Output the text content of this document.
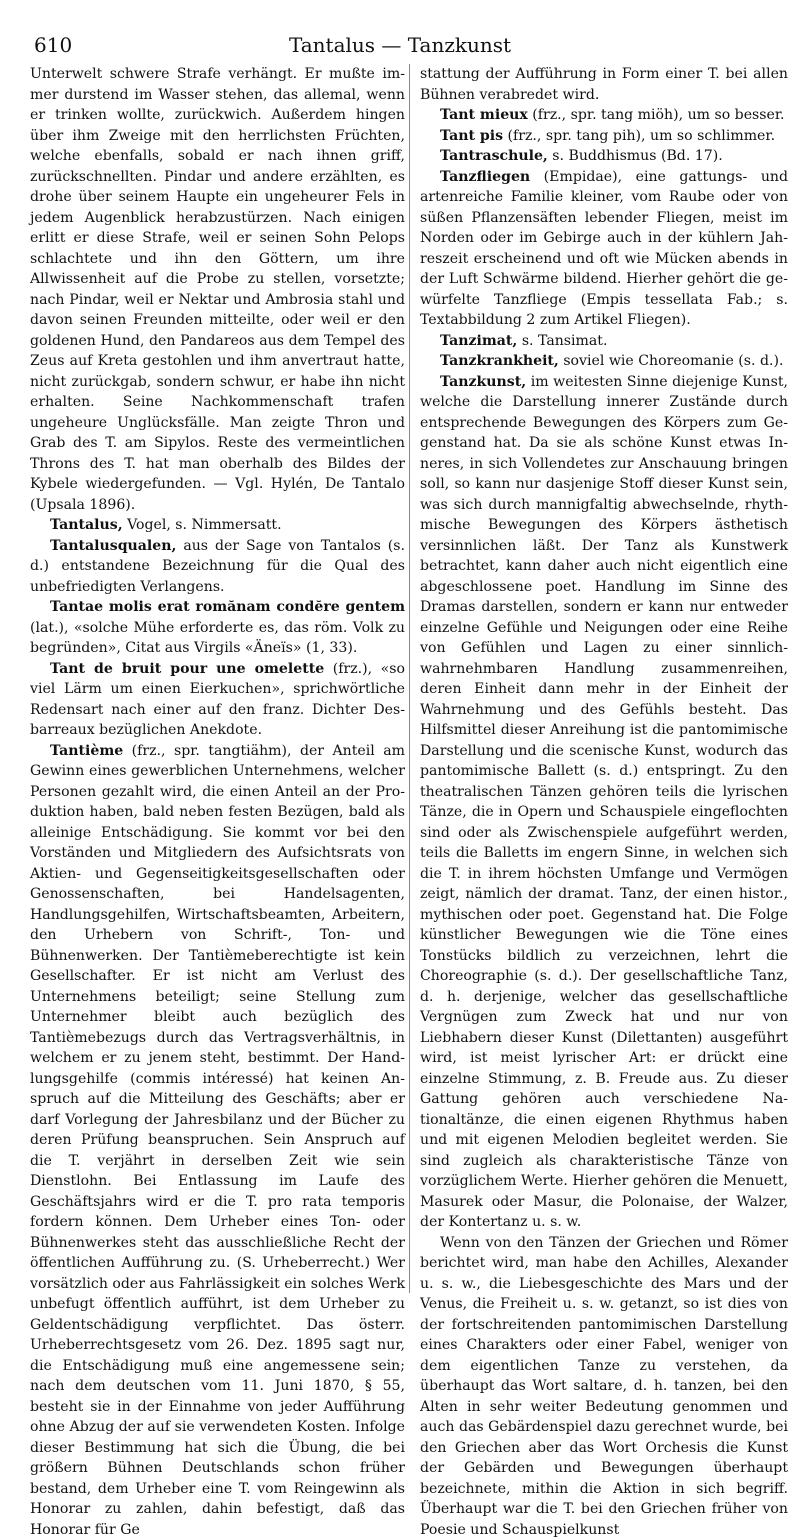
610	Tantalus — Tanzkunst

Unterwelt schwere Strafe verhängt. Er mußte immer durstend im Wasser stehen, das allemal, wenn er trinken wollte, zurückwich. Außerdem hingen über ihm Zweige mit den herrlichsten Früchten, welche ebenfalls, sobald er nach ihnen griff, zurückschnellten. Pindar und andere erzählten, es drohe über seinem Haupte ein ungeheurer Fels in jedem Augenblick herabzustürzen. Nach einigen erlitt er diese Strafe, weil er seinen Sohn Pelops schlachtete und ihn den Göttern, um ihre Allwissenheit auf die Probe zu stellen, vorsetzte; nach Pindar, weil er Nektar und Ambrosia stahl und davon seinen Freunden mitteilte, oder weil er den goldenen Hund, den Pandareos aus dem Tempel des Zeus auf Kreta gestohlen und ihm anvertraut hatte, nicht zurückgab, sondern schwur, er habe ihn nicht erhalten. Seine Nachkommenschaft trafen ungeheure Unglücksfälle. Man zeigte Thron und Grab des T. am Sipylos. Reste des vermeintlichen Throns des T. hat man oberhalb des Bildes der Kybele wiedergefunden. — Vgl. Hylén, De Tantalo (Upsala 1896).

Tantalus, Vogel, s. Nimmersatt.

Tantalusqualen, aus der Sage von Tantalos (s. d.) entstandene Bezeichnung für die Qual des unbefriedigten Verlangens.

Tantae molis erat romănam condĕre gentem (lat.), «solche Mühe erforderte es, das röm. Volk zu begründen», Citat aus Virgils «Äneïs» (1, 33).

Tant de bruit pour une omelette (frz.), «so viel Lärm um einen Eierkuchen», sprichwörtliche Redensart nach einer auf den franz. Dichter Desbarreaux bezüglichen Anekdote.

Tantième (frz., spr. tangtiähm), der Anteil am Gewinn eines gewerblichen Unternehmens, welcher Personen gezahlt wird, die einen Anteil an der Produktion haben, bald neben festen Bezügen, bald als alleinige Entschädigung. Sie kommt vor bei den Vorständen und Mitgliedern des Aufsichtsrats von Aktien- und Gegenseitigkeitsgesellschaften oder Genossenschaften, bei Handelsagenten, Handlungsgehilfen, Wirtschaftsbeamten, Arbeitern, den Urhebern von Schrift-, Ton- und Bühnenwerken. Der Tantièmeberechtigte ist kein Gesellschafter. Er ist nicht am Verlust des Unternehmens beteiligt; seine Stellung zum Unternehmer bleibt auch bezüglich des Tantièmebezugs durch das Vertragsverhältnis, in welchem er zu jenem steht, bestimmt. Der Handlungsgehilfe (commis intéressé) hat keinen Anspruch auf die Mitteilung des Geschäfts; aber er darf Vorlegung der Jahresbilanz und der Bücher zu deren Prüfung beanspruchen. Sein Anspruch auf die T. verjährt in derselben Zeit wie sein Dienstlohn. Bei Entlassung im Laufe des Geschäftsjahrs wird er die T. pro rata temporis fordern können. Dem Urheber eines Ton- oder Bühnenwerkes steht das ausschließliche Recht der öffentlichen Aufführung zu. (S. Urheberrecht.) Wer vorsätzlich oder aus Fahrlässigkeit ein solches Werk unbefugt öffentlich aufführt, ist dem Urheber zu Geldentschädigung verpflichtet. Das österr. Urheberrechtsgesetz vom 26. Dez. 1895 sagt nur, die Entschädigung muß eine angemessene sein; nach dem deutschen vom 11. Juni 1870, § 55, besteht sie in der Einnahme von jeder Aufführung ohne Abzug der auf sie verwendeten Kosten. Infolge dieser Bestimmung hat sich die Übung, die bei größern Bühnen Deutschlands schon früher bestand, dem Urheber eine T. vom Reingewinn als Honorar zu zahlen, dahin befestigt, daß das Honorar für Ge

stattung der Aufführung in Form einer T. bei allen Bühnen verabredet wird.

Tant mieux (frz., spr. tang miöh), um so besser.

Tant pis (frz., spr. tang pih), um so schlimmer.

Tantraschule, s. Buddhismus (Bd. 17).

Tanzfliegen (Empidae), eine gattungs- und artenreiche Familie kleiner, vom Raube oder von süßen Pflanzensäften lebender Fliegen, meist im Norden oder im Gebirge auch in der kühlern Jahreszeit erscheinend und oft wie Mücken abends in der Luft Schwärme bildend. Hierher gehört die gewürfelte Tanzfliege (Empis tessellata Fab.; s. Textabbildung 2 zum Artikel Fliegen).

Tanzimat, s. Tansimat.

Tanzkrankheit, soviel wie Choreomanie (s. d.).

Tanzkunst, im weitesten Sinne diejenige Kunst, welche die Darstellung innerer Zustände durch entsprechende Bewegungen des Körpers zum Gegenstand hat. Da sie als schöne Kunst etwas Inneres, in sich Vollendetes zur Anschauung bringen soll, so kann nur dasjenige Stoff dieser Kunst sein, was sich durch mannigfaltig abwechselnde, rhythmische Bewegungen des Körpers ästhetisch versinnlichen läßt. Der Tanz als Kunstwerk betrachtet, kann daher auch nicht eigentlich eine abgeschlossene poet. Handlung im Sinne des Dramas darstellen, sondern er kann nur entweder einzelne Gefühle und Neigungen oder eine Reihe von Gefühlen und Lagen zu einer sinnlich-wahrnehmbaren Handlung zusammenreihen, deren Einheit dann mehr in der Einheit der Wahrnehmung und des Gefühls besteht. Das Hilfsmittel dieser Anreihung ist die pantomimische Darstellung und die scenische Kunst, wodurch das pantomimische Ballett (s. d.) entspringt. Zu den theatralischen Tänzen gehören teils die lyrischen Tänze, die in Opern und Schauspiele eingeflochten sind oder als Zwischenspiele aufgeführt werden, teils die Balletts im engern Sinne, in welchen sich die T. in ihrem höchsten Umfange und Vermögen zeigt, nämlich der dramat. Tanz, der einen histor., mythischen oder poet. Gegenstand hat. Die Folge künstlicher Bewegungen wie die Töne eines Tonstücks bildlich zu verzeichnen, lehrt die Choreographie (s. d.). Der gesellschaftliche Tanz, d. h. derjenige, welcher das gesellschaftliche Vergnügen zum Zweck hat und nur von Liebhabern dieser Kunst (Dilettanten) ausgeführt wird, ist meist lyrischer Art: er drückt eine einzelne Stimmung, z. B. Freude aus. Zu dieser Gattung gehören auch verschiedene Nationaltänze, die einen eigenen Rhythmus haben und mit eigenen Melodien begleitet werden. Sie sind zugleich als charakteristische Tänze von vorzüglichem Werte. Hierher gehören die Menuett, Masurek oder Masur, die Polonaise, der Walzer, der Kontertanz u. s. w.

Wenn von den Tänzen der Griechen und Römer berichtet wird, man habe den Achilles, Alexander u. s. w., die Liebesgeschichte des Mars und der Venus, die Freiheit u. s. w. getanzt, so ist dies von der fortschreitenden pantomimischen Darstellung eines Charakters oder einer Fabel, weniger von dem eigentlichen Tanze zu verstehen, da überhaupt das Wort saltare, d. h. tanzen, bei den Alten in sehr weiter Bedeutung genommen und auch das Gebärdenspiel dazu gerechnet wurde, bei den Griechen aber das Wort Orchesis die Kunst der Gebärden und Bewegungen überhaupt bezeichnete, mithin die Aktion in sich begriff. Überhaupt war die T. bei den Griechen früher von Poesie und Schauspielkunst
